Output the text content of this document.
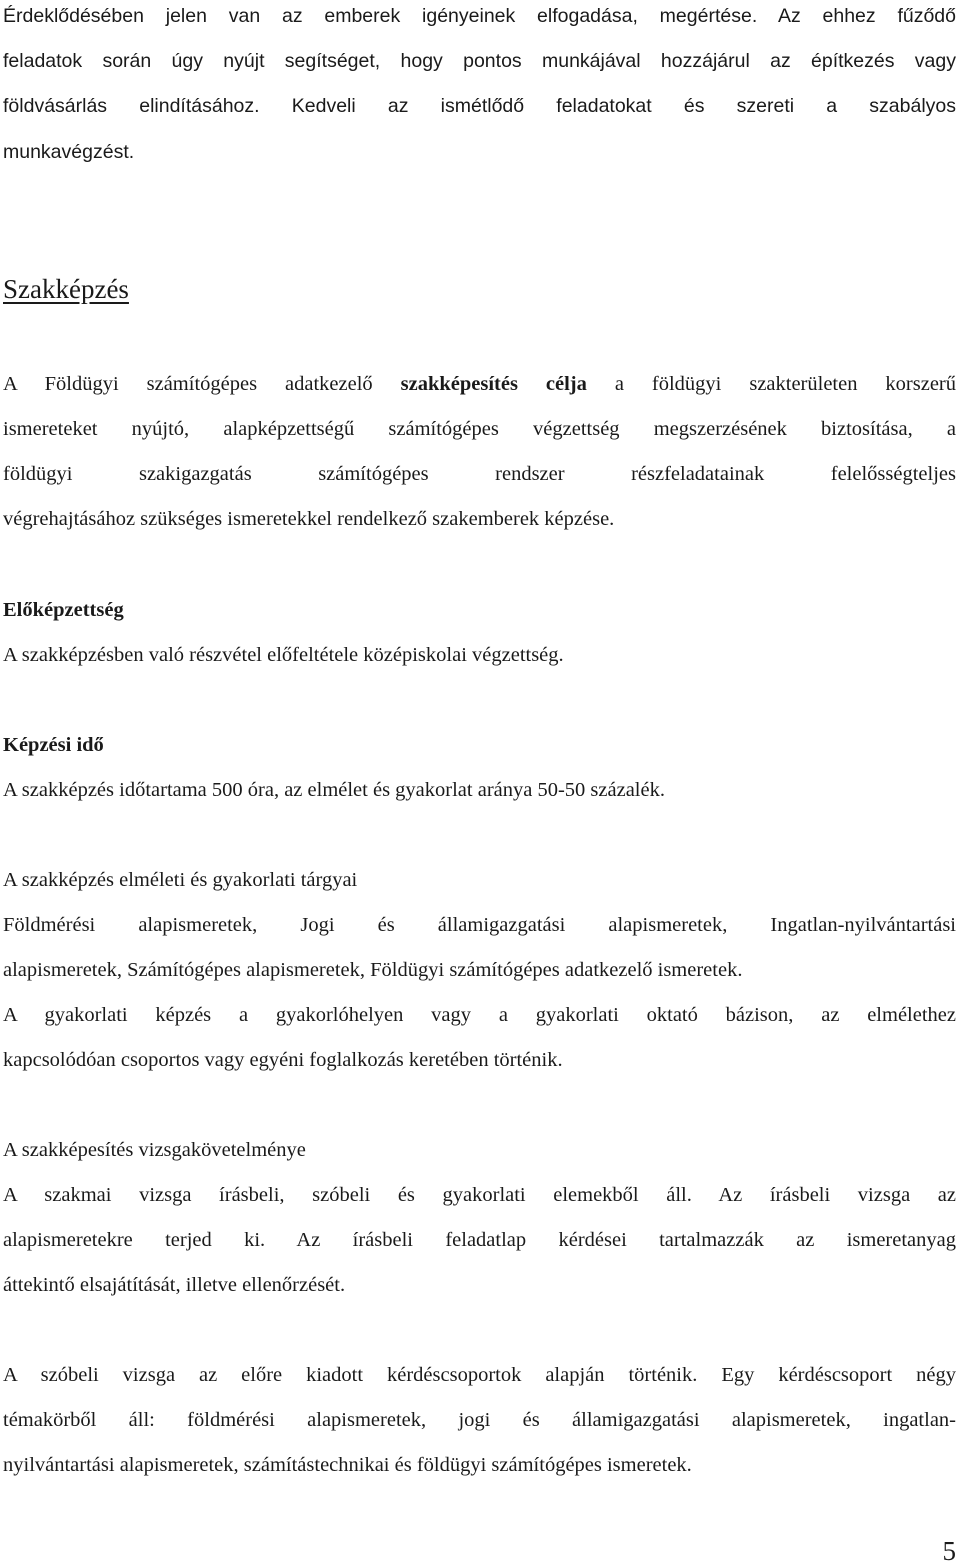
Érdeklődésében jelen van az emberek igényeinek elfogadása, megértése. Az ehhez fűződő
feladatok során úgy nyújt segítséget, hogy pontos munkájával hozzájárul az építkezés vagy
földvásárlás elindításához. Kedveli az ismétlődő feladatokat és szereti a szabályos
munkavégzést.
Szakképzés
A Földügyi számítógépes adatkezelő szakképesítés célja a földügyi szakterületen korszerű
ismereteket nyújtó, alapképzettségű számítógépes végzettség megszerzésének biztosítása, a
földügyi szakigazgatás számítógépes rendszer részfeladatainak felelősségteljes
végrehajtásához szükséges ismeretekkel rendelkező szakemberek képzése.
Előképzettség
A szakképzésben való részvétel előfeltétele középiskolai végzettség.
Képzési idő
A szakképzés időtartama 500 óra, az elmélet és gyakorlat aránya 50-50 százalék.
A szakképzés elméleti és gyakorlati tárgyai
Földmérési alapismeretek, Jogi és államigazgatási alapismeretek, Ingatlan-nyilvántartási
alapismeretek, Számítógépes alapismeretek, Földügyi számítógépes adatkezelő ismeretek.
A gyakorlati képzés a gyakorlóhelyen vagy a gyakorlati oktató bázison, az elmélethez
kapcsolódóan csoportos vagy egyéni foglalkozás keretében történik.
A szakképesítés vizsgakövetelménye
A szakmai vizsga írásbeli, szóbeli és gyakorlati elemekből áll. Az írásbeli vizsga az
alapismeretekre terjed ki. Az írásbeli feladatlap kérdései tartalmazzák az ismeretanyag
áttekintő elsajátítását, illetve ellenőrzését.
A szóbeli vizsga az előre kiadott kérdéscsoportok alapján történik. Egy kérdéscsoport négy
témakörből áll: földmérési alapismeretek, jogi és államigazgatási alapismeretek, ingatlan-
nyilvántartási alapismeretek, számítástechnikai és földügyi számítógépes ismeretek.
5
